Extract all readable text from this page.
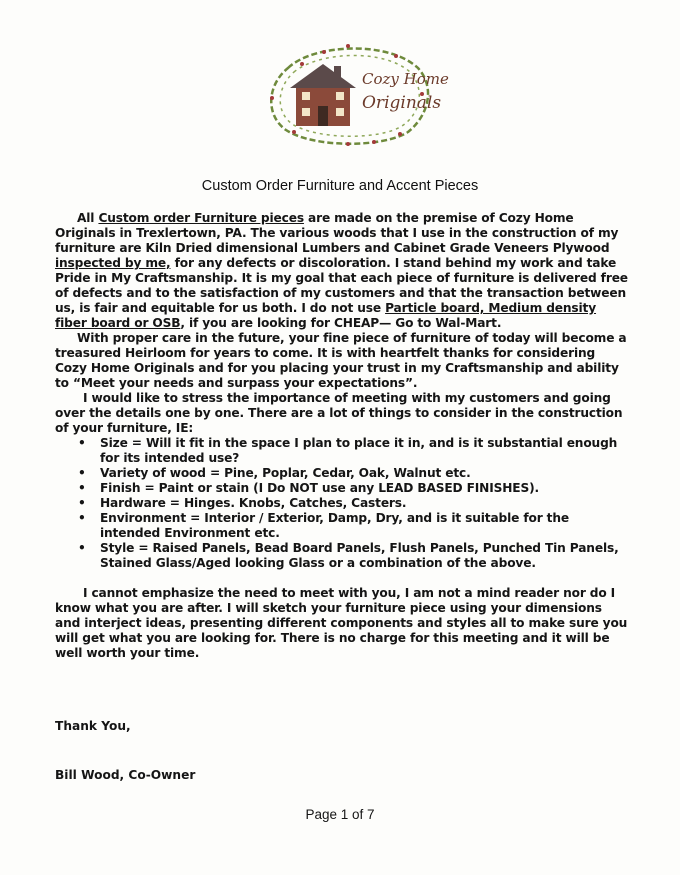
Cozy Home
Originals
Custom Order Furniture and Accent Pieces

All Custom order Furniture pieces are made on the premise of Cozy Home Originals in Trexlertown, PA. The various woods that I use in the construction of my furniture are Kiln Dried dimensional Lumbers and Cabinet Grade Veneers Plywood inspected by me, for any defects or discoloration. I stand behind my work and take Pride in My Craftsmanship. It is my goal that each piece of furniture is delivered free of defects and to the satisfaction of my customers and that the transaction between us, is fair and equitable for us both. I do not use Particle board, Medium density fiber board or OSB, if you are looking for CHEAP— Go to Wal-Mart.

With proper care in the future, your fine piece of furniture of today will become a treasured Heirloom for years to come. It is with heartfelt thanks for considering Cozy Home Originals and for you placing your trust in my Craftsmanship and ability to “Meet your needs and surpass your expectations”.

I would like to stress the importance of meeting with my customers and going over the details one by one. There are a lot of things to consider in the construction of your furniture, IE:

• Size = Will it fit in the space I plan to place it in, and is it substantial enough for its intended use?
• Variety of wood = Pine, Poplar, Cedar, Oak, Walnut etc.
• Finish = Paint or stain (I Do NOT use any LEAD BASED FINISHES).
• Hardware = Hinges. Knobs, Catches, Casters.
• Environment = Interior / Exterior, Damp, Dry, and is it suitable for the intended Environment etc.
• Style = Raised Panels, Bead Board Panels, Flush Panels, Punched Tin Panels, Stained Glass/Aged looking Glass or a combination of the above.

I cannot emphasize the need to meet with you, I am not a mind reader nor do I know what you are after. I will sketch your furniture piece using your dimensions and interject ideas, presenting different components and styles all to make sure you will get what you are looking for. There is no charge for this meeting and it will be well worth your time.

Thank You,
Bill Wood, Co-Owner
Page 1 of 7
